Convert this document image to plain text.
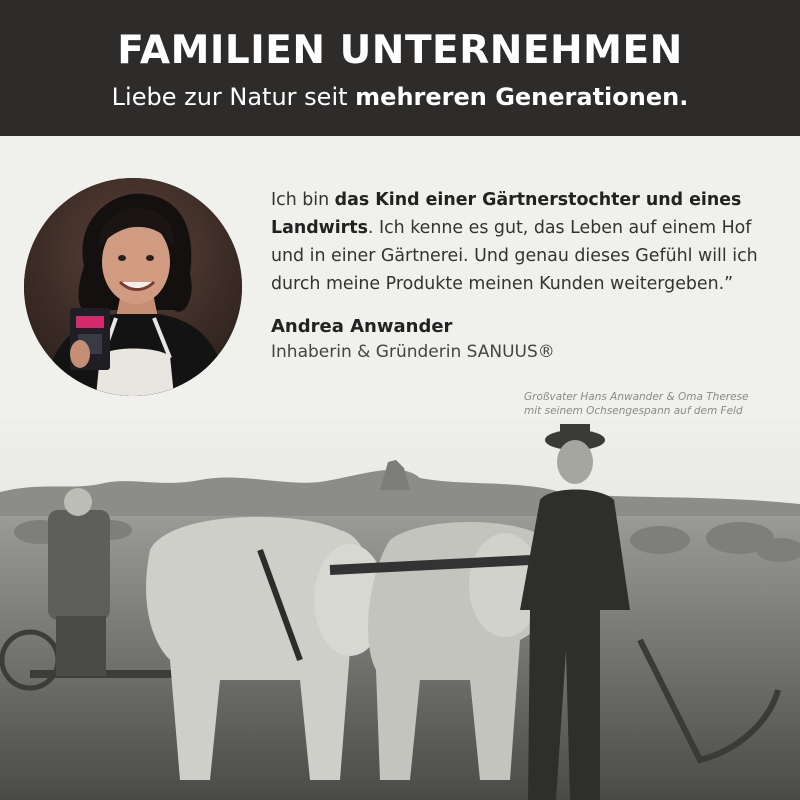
FAMILIEN UNTERNEHMEN
Liebe zur Natur seit mehreren Generationen.
Ich bin das Kind einer Gärtnerstochter und eines Landwirts. Ich kenne es gut, das Leben auf einem Hof und in einer Gärtnerei. Und genau dieses Gefühl will ich durch meine Produkte meinen Kunden weitergeben.”
Andrea Anwander
Inhaberin & Gründerin SANUUS®
Großvater Hans Anwander & Oma Therese
mit seinem Ochsengespann auf dem Feld
